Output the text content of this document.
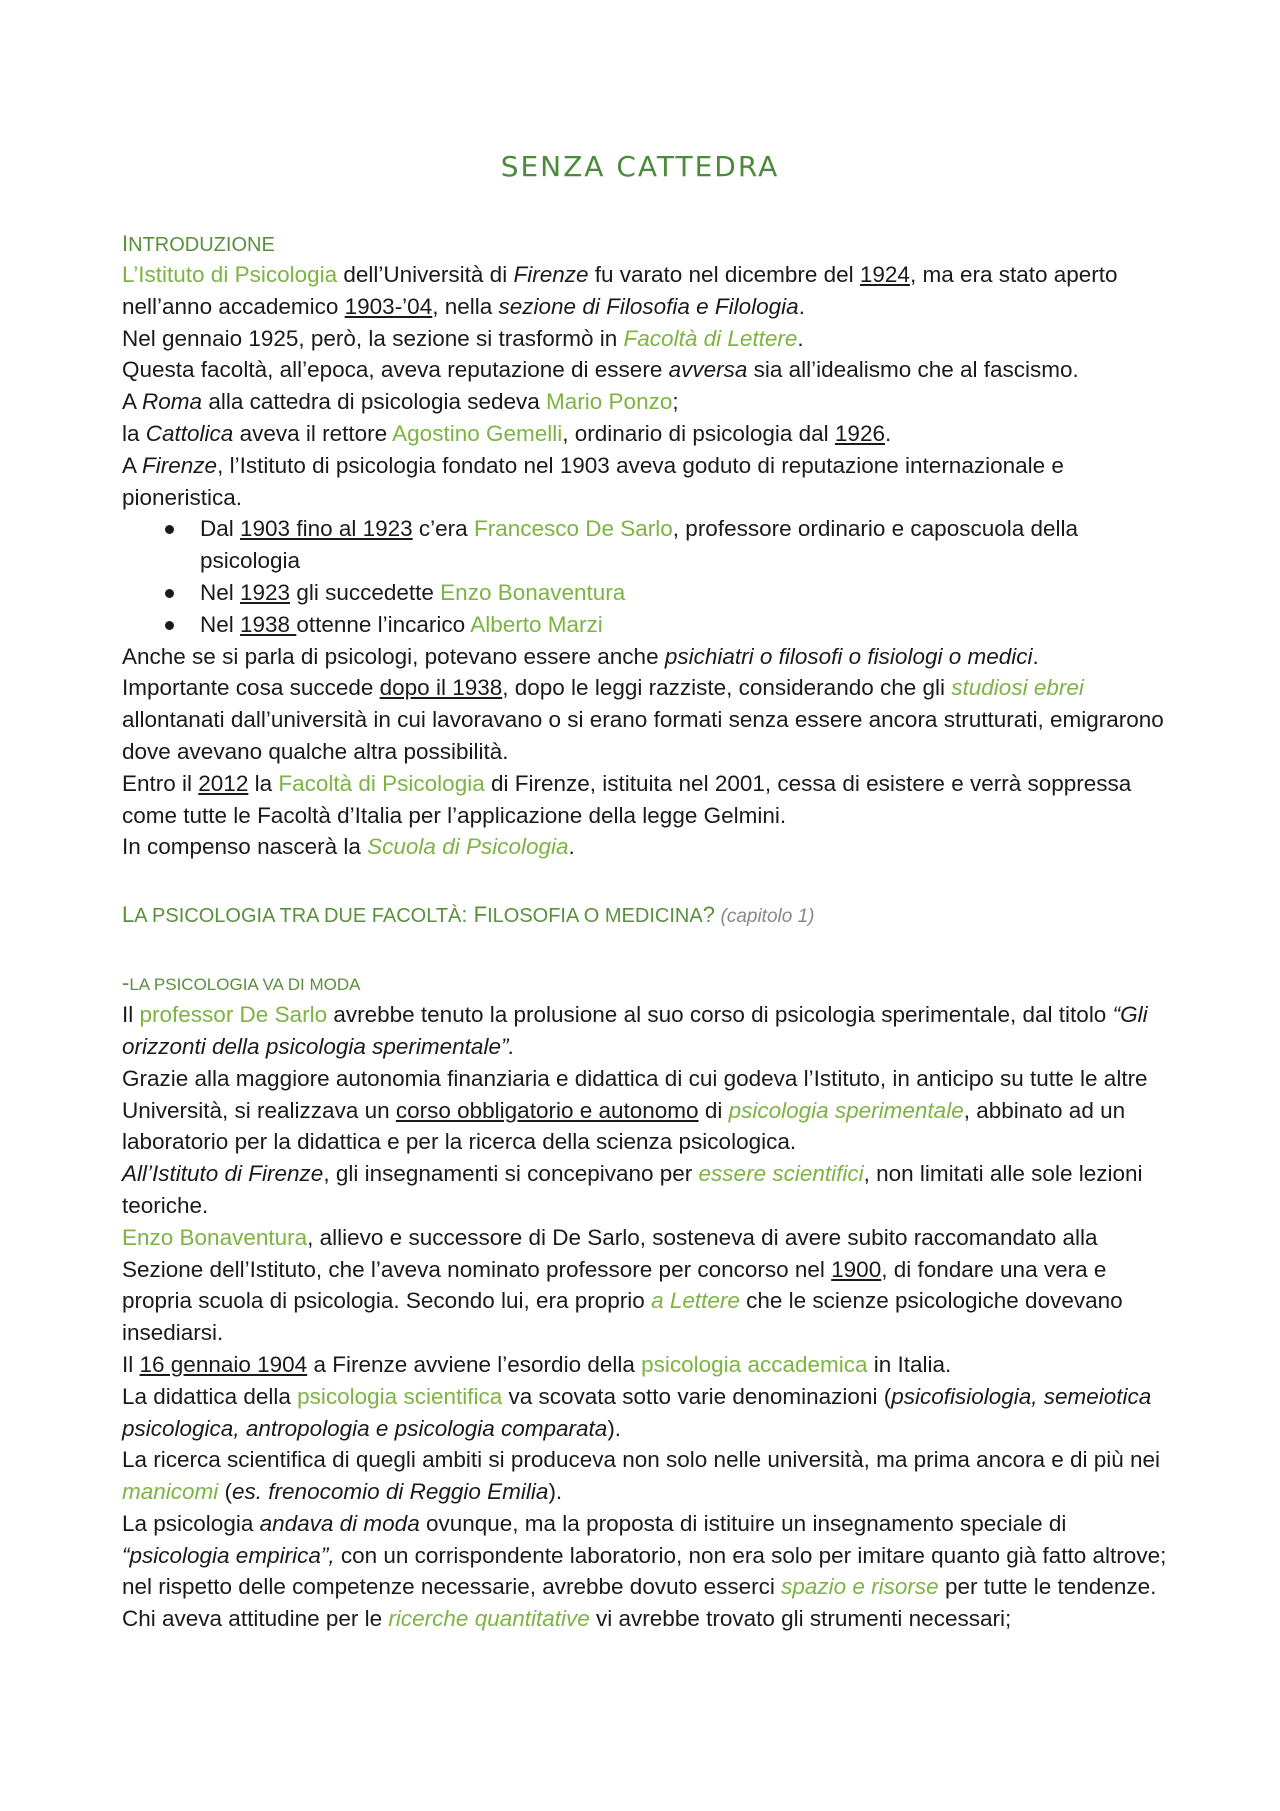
SENZA CATTEDRA

INTRODUZIONE

L’Istituto di Psicologia dell’Università di Firenze fu varato nel dicembre del 1924, ma era stato aperto nell’anno accademico 1903-’04, nella sezione di Filosofia e Filologia.

Nel gennaio 1925, però, la sezione si trasformò in Facoltà di Lettere.

Questa facoltà, all’epoca, aveva reputazione di essere avversa sia all’idealismo che al fascismo.

A Roma alla cattedra di psicologia sedeva Mario Ponzo;

la Cattolica aveva il rettore Agostino Gemelli, ordinario di psicologia dal 1926.

A Firenze, l’Istituto di psicologia fondato nel 1903 aveva goduto di reputazione internazionale e pioneristica.

Dal 1903 fino al 1923 c’era Francesco De Sarlo, professore ordinario e caposcuola della psicologia
Nel 1923 gli succedette Enzo Bonaventura
Nel 1938 ottenne l’incarico Alberto Marzi

Anche se si parla di psicologi, potevano essere anche psichiatri o filosofi o fisiologi o medici.

Importante cosa succede dopo il 1938, dopo le leggi razziste, considerando che gli studiosi ebrei allontanati dall’università in cui lavoravano o si erano formati senza essere ancora strutturati, emigrarono dove avevano qualche altra possibilità.

Entro il 2012 la Facoltà di Psicologia di Firenze, istituita nel 2001, cessa di esistere e verrà soppressa come tutte le Facoltà d’Italia per l’applicazione della legge Gelmini.

In compenso nascerà la Scuola di Psicologia.

LA PSICOLOGIA TRA DUE FACOLTÀ: FILOSOFIA O MEDICINA? (capitolo 1)

-LA PSICOLOGIA VA DI MODA

Il professor De Sarlo avrebbe tenuto la prolusione al suo corso di psicologia sperimentale, dal titolo “Gli orizzonti della psicologia sperimentale”.

Grazie alla maggiore autonomia finanziaria e didattica di cui godeva l’Istituto, in anticipo su tutte le altre Università, si realizzava un corso obbligatorio e autonomo di psicologia sperimentale, abbinato ad un laboratorio per la didattica e per la ricerca della scienza psicologica.

All’Istituto di Firenze, gli insegnamenti si concepivano per essere scientifici, non limitati alle sole lezioni teoriche.

Enzo Bonaventura, allievo e successore di De Sarlo, sosteneva di avere subito raccomandato alla Sezione dell’Istituto, che l’aveva nominato professore per concorso nel 1900, di fondare una vera e propria scuola di psicologia. Secondo lui, era proprio a Lettere che le scienze psicologiche dovevano insediarsi.

Il 16 gennaio 1904 a Firenze avviene l’esordio della psicologia accademica in Italia.

La didattica della psicologia scientifica va scovata sotto varie denominazioni (psicofisiologia, semeiotica psicologica, antropologia e psicologia comparata).

La ricerca scientifica di quegli ambiti si produceva non solo nelle università, ma prima ancora e di più nei manicomi (es. frenocomio di Reggio Emilia).

La psicologia andava di moda ovunque, ma la proposta di istituire un insegnamento speciale di “psicologia empirica”, con un corrispondente laboratorio, non era solo per imitare quanto già fatto altrove; nel rispetto delle competenze necessarie, avrebbe dovuto esserci spazio e risorse per tutte le tendenze.

Chi aveva attitudine per le ricerche quantitative vi avrebbe trovato gli strumenti necessari;
